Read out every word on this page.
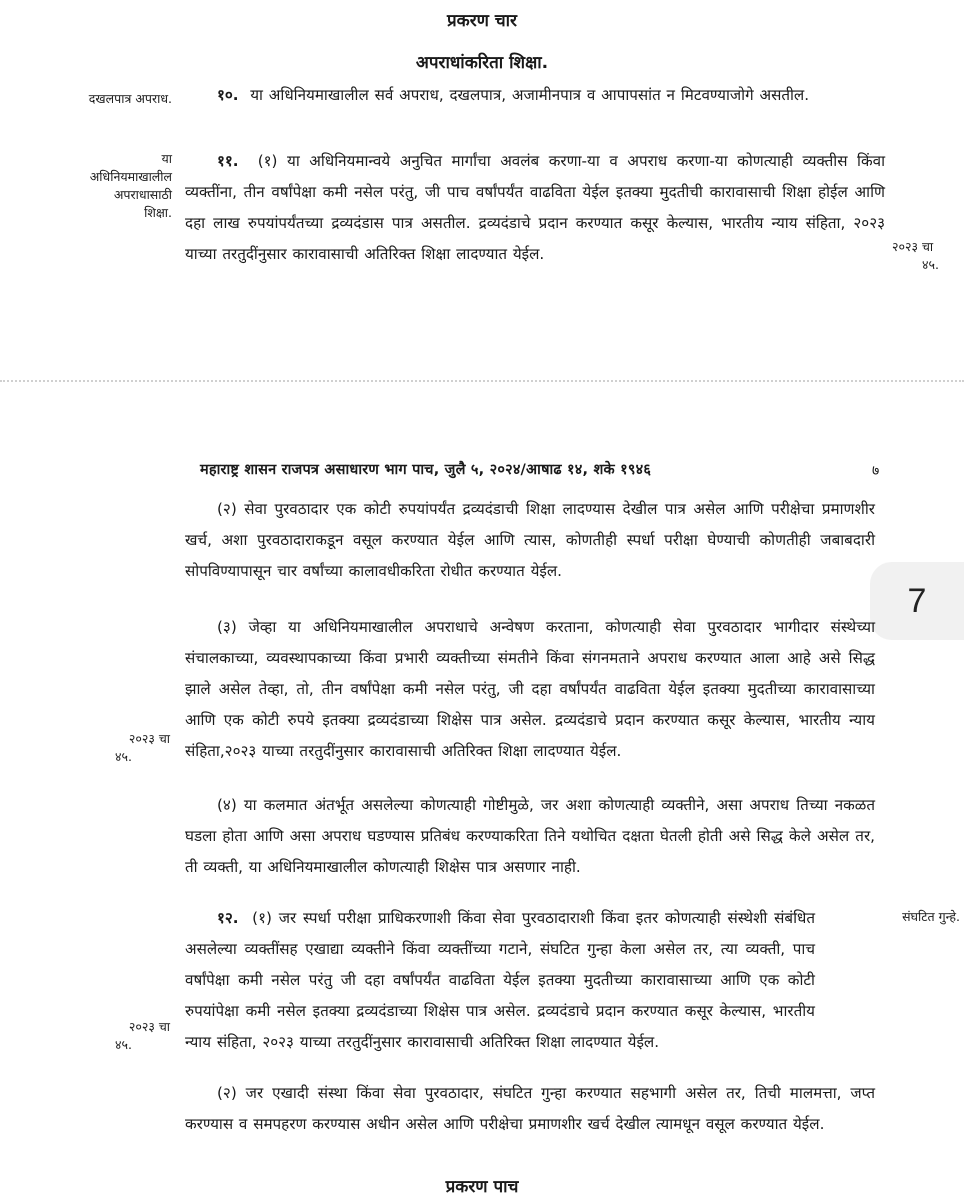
प्रकरण चार
अपराधांकरिता शिक्षा.
दखलपात्र अपराध.	१०. या अधिनियमाखालील सर्व अपराध, दखलपात्र, अजामीनपात्र व आपापसांत न मिटवण्याजोगे असतील.
या
अधिनियमाखालील
अपराधासाठी
शिक्षा.
११. (१) या अधिनियमान्वये अनुचित मार्गांचा अवलंब करणा-या व अपराध करणा-या कोणत्याही व्यक्तीस किंवा व्यक्तींना, तीन वर्षांपेक्षा कमी नसेल परंतु, जी पाच वर्षांपर्यंत वाढविता येईल इतक्या मुदतीची कारावासाची शिक्षा होईल आणि दहा लाख रुपयांपर्यंतच्या द्रव्यदंडास पात्र असतील. द्रव्यदंडाचे प्रदान करण्यात कसूर केल्यास, भारतीय न्याय संहिता, २०२३ याच्या तरतुदींनुसार कारावासाची अतिरिक्त शिक्षा लादण्यात येईल.	२०२३ चा
४५.
महाराष्ट्र शासन राजपत्र असाधारण भाग पाच, जुलै ५, २०२४/आषाढ १४, शके १९४६	७
7
(२) सेवा पुरवठादार एक कोटी रुपयांपर्यंत द्रव्यदंडाची शिक्षा लादण्यास देखील पात्र असेल आणि परीक्षेचा प्रमाणशीर खर्च, अशा पुरवठादाराकडून वसूल करण्यात येईल आणि त्यास, कोणतीही स्पर्धा परीक्षा घेण्याची कोणतीही जबाबदारी सोपविण्यापासून चार वर्षांच्या कालावधीकरिता रोधीत करण्यात येईल.
(३) जेव्हा या अधिनियमाखालील अपराधाचे अन्वेषण करताना, कोणत्याही सेवा पुरवठादार भागीदार संस्थेच्या संचालकाच्या, व्यवस्थापकाच्या किंवा प्रभारी व्यक्तीच्या संमतीने किंवा संगनमताने अपराध करण्यात आला आहे असे सिद्ध झाले असेल तेव्हा, तो, तीन वर्षांपेक्षा कमी नसेल परंतु, जी दहा वर्षांपर्यंत वाढविता येईल इतक्या मुदतीच्या कारावासाच्या आणि एक कोटी रुपये इतक्या द्रव्यदंडाच्या शिक्षेस पात्र असेल. द्रव्यदंडाचे प्रदान करण्यात कसूर केल्यास, भारतीय न्याय संहिता,२०२३ याच्या तरतुदींनुसार कारावासाची अतिरिक्त शिक्षा लादण्यात येईल.
२०२३ चा
४५.
(४) या कलमात अंतर्भूत असलेल्या कोणत्याही गोष्टीमुळे, जर अशा कोणत्याही व्यक्तीने, असा अपराध तिच्या नकळत घडला होता आणि असा अपराध घडण्यास प्रतिबंध करण्याकरिता तिने यथोचित दक्षता घेतली होती असे सिद्ध केले असेल तर, ती व्यक्ती, या अधिनियमाखालील कोणत्याही शिक्षेस पात्र असणार नाही.
संघटित गुन्हे.
१२. (१) जर स्पर्धा परीक्षा प्राधिकरणाशी किंवा सेवा पुरवठादाराशी किंवा इतर कोणत्याही संस्थेशी संबंधित असलेल्या व्यक्तींसह एखाद्या व्यक्तीने किंवा व्यक्तींच्या गटाने, संघटित गुन्हा केला असेल तर, त्या व्यक्ती, पाच वर्षांपेक्षा कमी नसेल परंतु जी दहा वर्षांपर्यंत वाढविता येईल इतक्या मुदतीच्या कारावासाच्या आणि एक कोटी रुपयांपेक्षा कमी नसेल इतक्या द्रव्यदंडाच्या शिक्षेस पात्र असेल. द्रव्यदंडाचे प्रदान करण्यात कसूर केल्यास, भारतीय न्याय संहिता, २०२३ याच्या तरतुदींनुसार कारावासाची अतिरिक्त शिक्षा लादण्यात येईल.
२०२३ चा
४५.
(२) जर एखादी संस्था किंवा सेवा पुरवठादार, संघटित गुन्हा करण्यात सहभागी असेल तर, तिची मालमत्ता, जप्त करण्यास व समपहरण करण्यास अधीन असेल आणि परीक्षेचा प्रमाणशीर खर्च देखील त्यामधून वसूल करण्यात येईल.
प्रकरण पाच
